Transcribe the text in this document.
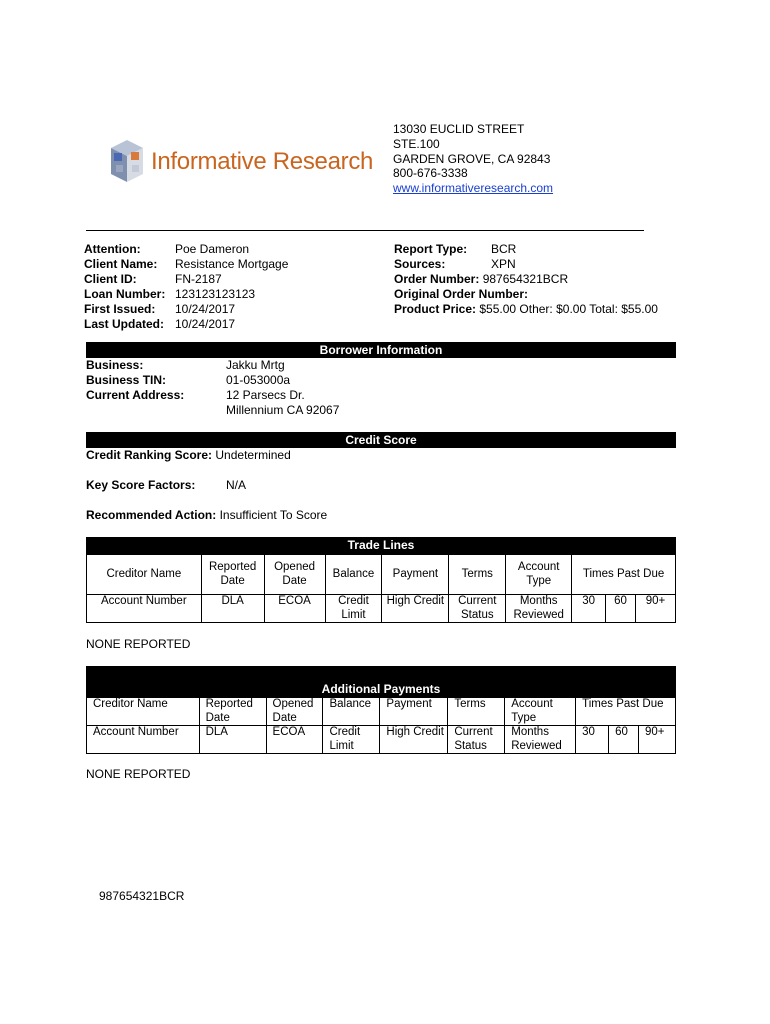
Informative Research
13030 EUCLID STREET
STE.100
GARDEN GROVE, CA 92843
800-676-3338
www.informativeresearch.com
Attention:	Poe Dameron
Client Name: Resistance Mortgage
Client ID:	FN-2187
Loan Number: 123123123123
First Issued: 10/24/2017
Last Updated: 10/24/2017
Report Type: BCR
Sources:	XPN
Order Number: 987654321BCR
Original Order Number:
Product Price: $55.00 Other: $0.00 Total: $55.00
Borrower Information
Business:	Jakku Mrtg
Business TIN:	01-053000a
Current Address:	12 Parsecs Dr.
Millennium CA 92067
Credit Score
Credit Ranking Score: Undetermined
Key Score Factors:	N/A
Recommended Action: Insufficient To Score
Trade Lines
Creditor Name	Reported Date	Opened Date	Balance	Payment	Terms	Account Type	Times Past Due		
Account Number	DLA	ECOA	Credit Limit	High Credit	Current Status	Months Reviewed	30	60	90+
NONE REPORTED
Additional Payments
Creditor Name	Reported Date	Opened Date	Balance	Payment	Terms	Account Type	Times Past Due		
Account Number	DLA	ECOA	Credit Limit	High Credit	Current Status	Months Reviewed	30	60	90+
NONE REPORTED
987654321BCR
